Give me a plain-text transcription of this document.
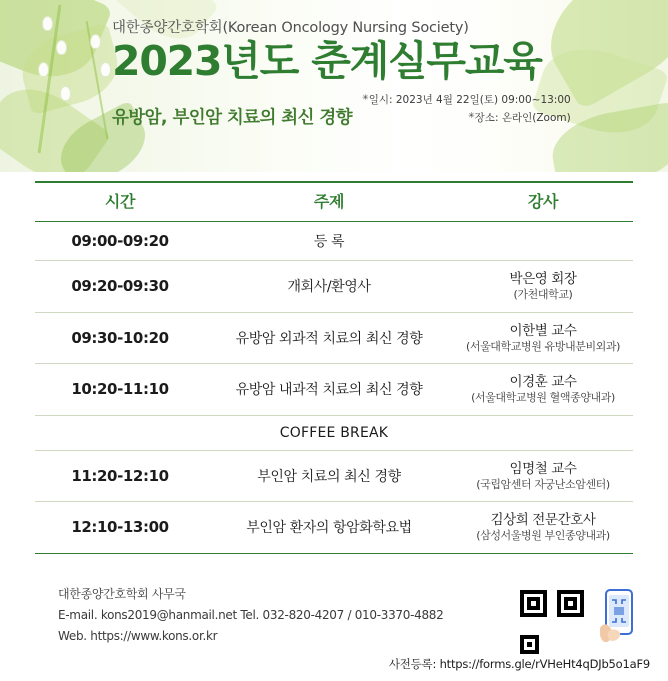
대한종양간호학회(Korean Oncology Nursing Society)

2023년도 춘계실무교육
유방암, 부인암 치료의 최신 경향
✳일시: 2023년 4월 22일(토) 09:00~13:00
✳장소: 온라인(Zoom)
시간	주제	강사
09:00-09:20	등 록	

09:20-09:30	개회사/환영사	박은영 회장
(가천대학교)

09:30-10:20	유방암 외과적 치료의 최신 경향	이한별 교수
(서울대학교병원 유방내분비외과)

10:20-11:10	유방암 내과적 치료의 최신 경향	이경훈 교수
(서울대학교병원 혈액종양내과)

COFFEE BREAK		
11:20-12:10	부인암 치료의 최신 경향	임명철 교수
(국립암센터 자궁난소암센터)

12:10-13:00	부인암 환자의 항암화학요법	김상희 전문간호사
(삼성서울병원 부인종양내과)
대한종양간호학회 사무국
E-mail. kons2019@hanmail.net Tel. 032-820-4207 / 010-3370-4882
Web. https://www.kons.or.kr
사전등록: https://forms.gle/rVHeHt4qDJb5o1aF9
